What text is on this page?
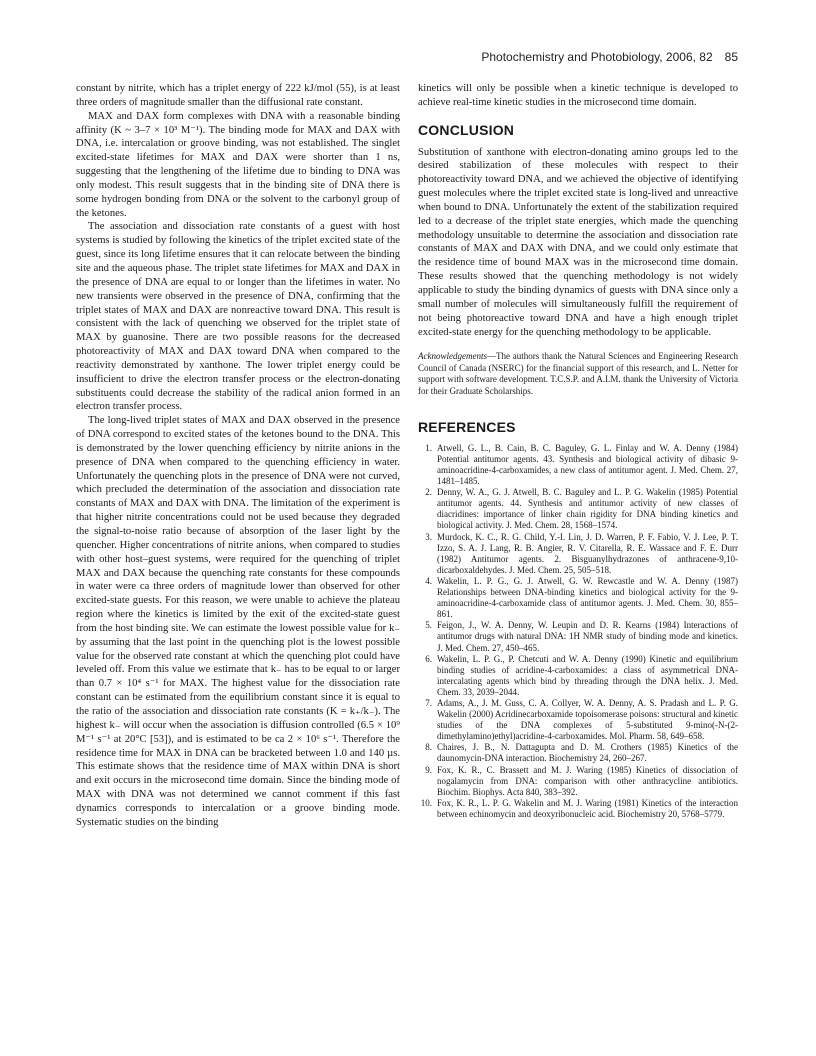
Photochemistry and Photobiology, 2006, 82 85

constant by nitrite, which has a triplet energy of 222 kJ/mol (55), is at least three orders of magnitude smaller than the diffusional rate constant.

MAX and DAX form complexes with DNA with a reasonable binding affinity (K ~ 3–7 × 10³ M⁻¹). The binding mode for MAX and DAX with DNA, i.e. intercalation or groove binding, was not established. The singlet excited-state lifetimes for MAX and DAX were shorter than 1 ns, suggesting that the lengthening of the lifetime due to binding to DNA was only modest. This result suggests that in the binding site of DNA there is some hydrogen bonding from DNA or the solvent to the carbonyl group of the ketones.

The association and dissociation rate constants of a guest with host systems is studied by following the kinetics of the triplet excited state of the guest, since its long lifetime ensures that it can relocate between the binding site and the aqueous phase. The triplet state lifetimes for MAX and DAX in the presence of DNA are equal to or longer than the lifetimes in water. No new transients were observed in the presence of DNA, confirming that the triplet states of MAX and DAX are nonreactive toward DNA. This result is consistent with the lack of quenching we observed for the triplet state of MAX by guanosine. There are two possible reasons for the decreased photoreactivity of MAX and DAX toward DNA when compared to the reactivity demonstrated by xanthone. The lower triplet energy could be insufficient to drive the electron transfer process or the electron-donating substituents could decrease the stability of the radical anion formed in an electron transfer process.

The long-lived triplet states of MAX and DAX observed in the presence of DNA correspond to excited states of the ketones bound to the DNA. This is demonstrated by the lower quenching efficiency by nitrite anions in the presence of DNA when compared to the quenching efficiency in water. Unfortunately the quenching plots in the presence of DNA were not curved, which precluded the determination of the association and dissociation rate constants of MAX and DAX with DNA. The limitation of the experiment is that higher nitrite concentrations could not be used because they degraded the signal-to-noise ratio because of absorption of the laser light by the quencher. Higher concentrations of nitrite anions, when compared to studies with other host–guest systems, were required for the quenching of triplet MAX and DAX because the quenching rate constants for these compounds in water were ca three orders of magnitude lower than observed for other excited-state guests. For this reason, we were unable to achieve the plateau region where the kinetics is limited by the exit of the excited-state guest from the host binding site. We can estimate the lowest possible value for k₋ by assuming that the last point in the quenching plot is the lowest possible value for the observed rate constant at which the quenching plot could have leveled off. From this value we estimate that k₋ has to be equal to or larger than 0.7 × 10⁴ s⁻¹ for MAX. The highest value for the dissociation rate constant can be estimated from the equilibrium constant since it is equal to the ratio of the association and dissociation rate constants (K = k₊/k₋). The highest k₋ will occur when the association is diffusion controlled (6.5 × 10⁹ M⁻¹ s⁻¹ at 20°C [53]), and is estimated to be ca 2 × 10⁶ s⁻¹. Therefore the residence time for MAX in DNA can be bracketed between 1.0 and 140 µs. This estimate shows that the residence time of MAX within DNA is short and exit occurs in the microsecond time domain. Since the binding mode of MAX with DNA was not determined we cannot comment if this fast dynamics corresponds to intercalation or a groove binding mode. Systematic studies on the binding

kinetics will only be possible when a kinetic technique is developed to achieve real-time kinetic studies in the microsecond time domain.

CONCLUSION

Substitution of xanthone with electron-donating amino groups led to the desired stabilization of these molecules with respect to their photoreactivity toward DNA, and we achieved the objective of identifying guest molecules where the triplet excited state is long-lived and unreactive when bound to DNA. Unfortunately the extent of the stabilization required led to a decrease of the triplet state energies, which made the quenching methodology unsuitable to determine the association and dissociation rate constants of MAX and DAX with DNA, and we could only estimate that the residence time of bound MAX was in the microsecond time domain. These results showed that the quenching methodology is not widely applicable to study the binding dynamics of guests with DNA since only a small number of molecules will simultaneously fulfill the requirement of not being photoreactive toward DNA and have a high enough triplet excited-state energy for the quenching methodology to be applicable.

Acknowledgements—The authors thank the Natural Sciences and Engineering Research Council of Canada (NSERC) for the financial support of this research, and L. Netter for support with software development. T.C.S.P. and A.I.M. thank the University of Victoria for their Graduate Scholarships.
REFERENCES
1. Atwell, G. L., B. Cain, B. C. Baguley, G. L. Finlay and W. A. Denny (1984) Potential antitumor agents. 43. Synthesis and biological activity of dibasic 9-aminoacridine-4-carboxamides, a new class of antitumor agent. J. Med. Chem. 27, 1481–1485.
2. Denny, W. A., G. J. Atwell, B. C. Baguley and L. P. G. Wakelin (1985) Potential antitumor agents. 44. Synthesis and antitumor activity of new classes of diacridines: importance of linker chain rigidity for DNA binding kinetics and biological activity. J. Med. Chem. 28, 1568–1574.
3. Murdock, K. C., R. G. Child, Y.-I. Lin, J. D. Warren, P. F. Fabio, V. J. Lee, P. T. Izzo, S. A. J. Lang, R. B. Angier, R. V. Citarella, R. E. Wassace and F. E. Durr (1982) Antitumor agents. 2. Bisguanylhydrazones of anthracene-9,10-dicarboxaldehydes. J. Med. Chem. 25, 505–518.
4. Wakelin, L. P. G., G. J. Atwell, G. W. Rewcastle and W. A. Denny (1987) Relationships between DNA-binding kinetics and biological activity for the 9-aminoacridine-4-carboxamide class of antitumor agents. J. Med. Chem. 30, 855–861.
5. Feigon, J., W. A. Denny, W. Leupin and D. R. Kearns (1984) Interactions of antitumor drugs with natural DNA: 1H NMR study of binding mode and kinetics. J. Med. Chem. 27, 450–465.
6. Wakelin, L. P. G., P. Chetcuti and W. A. Denny (1990) Kinetic and equilibrium binding studies of acridine-4-carboxamides: a class of asymmetrical DNA-intercalating agents which bind by threading through the DNA helix. J. Med. Chem. 33, 2039–2044.
7. Adams, A., J. M. Guss, C. A. Collyer, W. A. Denny, A. S. Pradash and L. P. G. Wakelin (2000) Acridinecarboxamide topoisomerase poisons: structural and kinetic studies of the DNA complexes of 5-substituted 9-mino(-N-(2-dimethylamino)ethyl)acridine-4-carboxamides. Mol. Pharm. 58, 649–658.
8. Chaires, J. B., N. Dattagupta and D. M. Crothers (1985) Kinetics of the daunomycin-DNA interaction. Biochemistry 24, 260–267.
9. Fox, K. R., C. Brassett and M. J. Waring (1985) Kinetics of dissociation of nogalamycin from DNA: comparison with other anthracycline antibiotics. Biochim. Biophys. Acta 840, 383–392.
10. Fox, K. R., L. P. G. Wakelin and M. J. Waring (1981) Kinetics of the interaction between echinomycin and deoxyribonucleic acid. Biochemistry 20, 5768–5779.
